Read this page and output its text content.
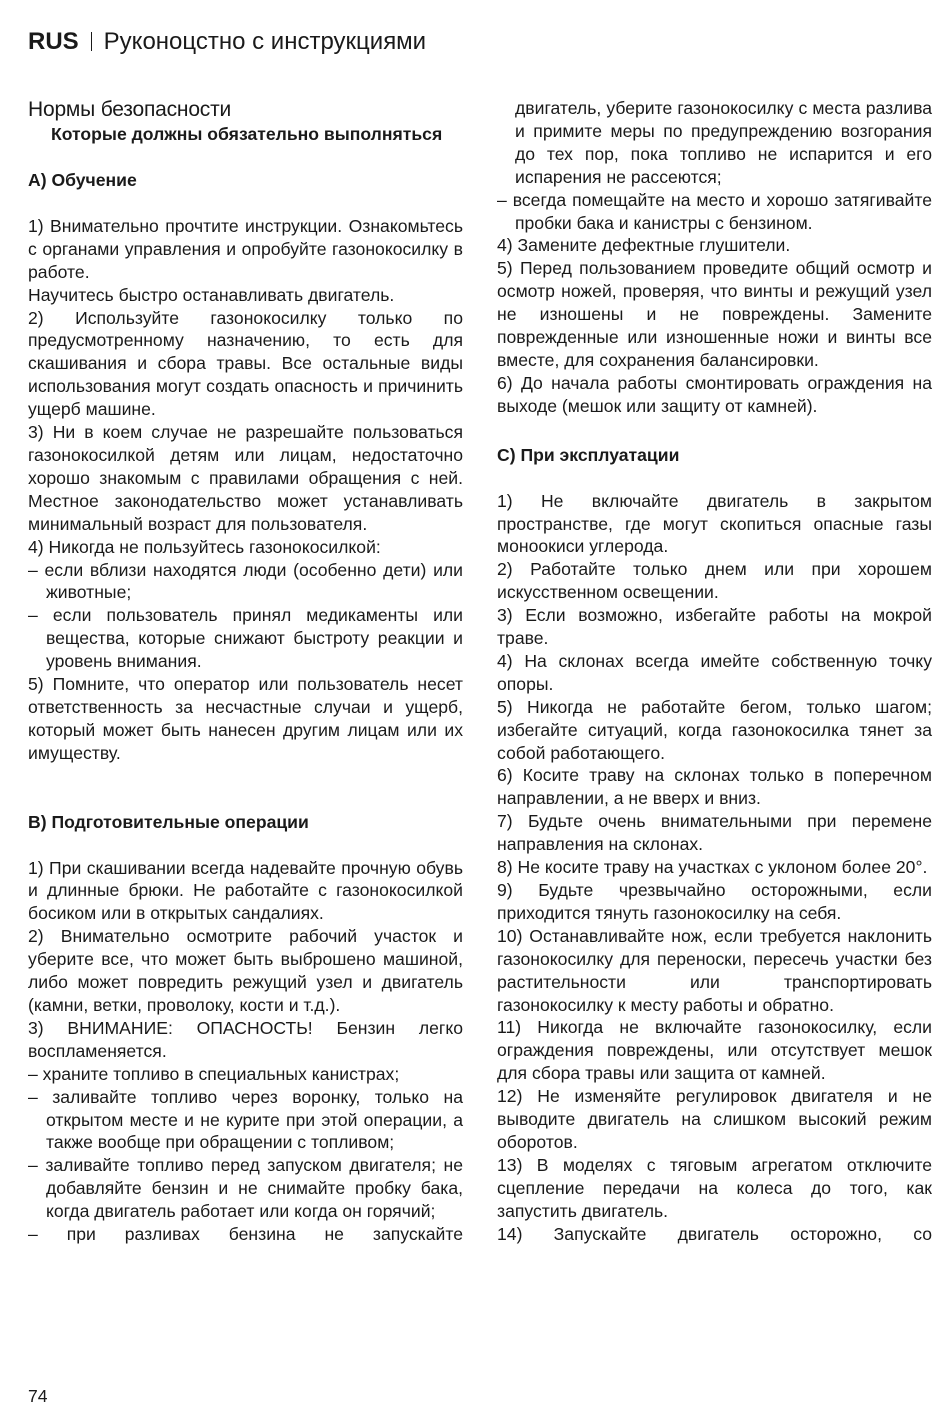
RUS Руконоцстно с инструкциями
Нормы безопасности

Которые должны обязательно выполняться

А) Обучение

1) Внимательно прочтите инструкции. Ознакомьтесь с органами управления и опробуйте газонокосилку в работе.

Научитесь быстро останавливать двигатель.

2) Используйте газонокосилку только по предусмотренному назначению, то есть для скашивания и сбора травы. Все остальные виды использования могут создать опасность и причинить ущерб машине.

3) Ни в коем случае не разрешайте пользоваться газонокосилкой детям или лицам, недостаточно хорошо знакомым с правилами обращения с ней. Местное законодательство может устанавливать минимальный возраст для пользователя.

4) Никогда не пользуйтесь газонокосилкой:

– если вблизи находятся люди (особенно дети) или животные;

– если пользователь принял медикаменты или вещества, которые снижают быстроту реакции и уровень внимания.

5) Помните, что оператор или пользователь несет ответственность за несчастные случаи и ущерб, который может быть нанесен другим лицам или их имуществу.

B) Подготовительные операции

1) При скашивании всегда надевайте прочную обувь и длинные брюки. Не работайте с газонокосилкой босиком или в открытых сандалиях.

2) Внимательно осмотрите рабочий участок и уберите все, что может быть выброшено машиной, либо может повредить режущий узел и двигатель (камни, ветки, проволоку, кости и т.д.).

3) ВНИМАНИЕ: ОПАСНОСТЬ! Бензин легко воспламеняется.

– храните топливо в специальных канистрах;

– заливайте топливо через воронку, только на открытом месте и не курите при этой операции, а также вообще при обращении с топливом;

– заливайте топливо перед запуском двигателя; не добавляйте бензин и не снимайте пробку бака, когда двигатель работает или когда он горячий;

– при разливах бензина не запускайте

двигатель, уберите газонокосилку с места разлива и примите меры по предупреждению возгорания до тех пор, пока топливо не испарится и его испарения не рассеются;

– всегда помещайте на место и хорошо затягивайте пробки бака и канистры с бензином.

4) Замените дефектные глушители.

5) Перед пользованием проведите общий осмотр и осмотр ножей, проверяя, что винты и режущий узел не изношены и не повреждены. Замените поврежденные или изношенные ножи и винты все вместе, для сохранения балансировки.

6) До начала работы смонтировать ограждения на выходе (мешок или защиту от камней).

C) При эксплуатации

1) Не включайте двигатель в закрытом пространстве, где могут скопиться опасные газы моноокиси углерода.

2) Работайте только днем или при хорошем искусственном освещении.

3) Если возможно, избегайте работы на мокрой траве.

4) На склонах всегда имейте собственную точку опоры.

5) Никогда не работайте бегом, только шагом; избегайте ситуаций, когда газонокосилка тянет за собой работающего.

6) Косите траву на склонах только в поперечном направлении, а не вверх и вниз.

7) Будьте очень внимательными при перемене направления на склонах.

8) Не косите траву на участках с уклоном более 20°.

9) Будьте чрезвычайно осторожными, если приходится тянуть газонокосилку на себя.

10) Останавливайте нож, если требуется наклонить газонокосилку для переноски, пересечь участки без растительности или транспортировать газонокосилку к месту работы и обратно.

11) Никогда не включайте газонокосилку, если ограждения повреждены, или отсутствует мешок для сбора травы или защита от камней.

12) Не изменяйте регулировок двигателя и не выводите двигатель на слишком высокий режим оборотов.

13) В моделях с тяговым агрегатом отключите сцепление передачи на колеса до того, как запустить двигатель.

14) Запускайте двигатель осторожно, со

74
